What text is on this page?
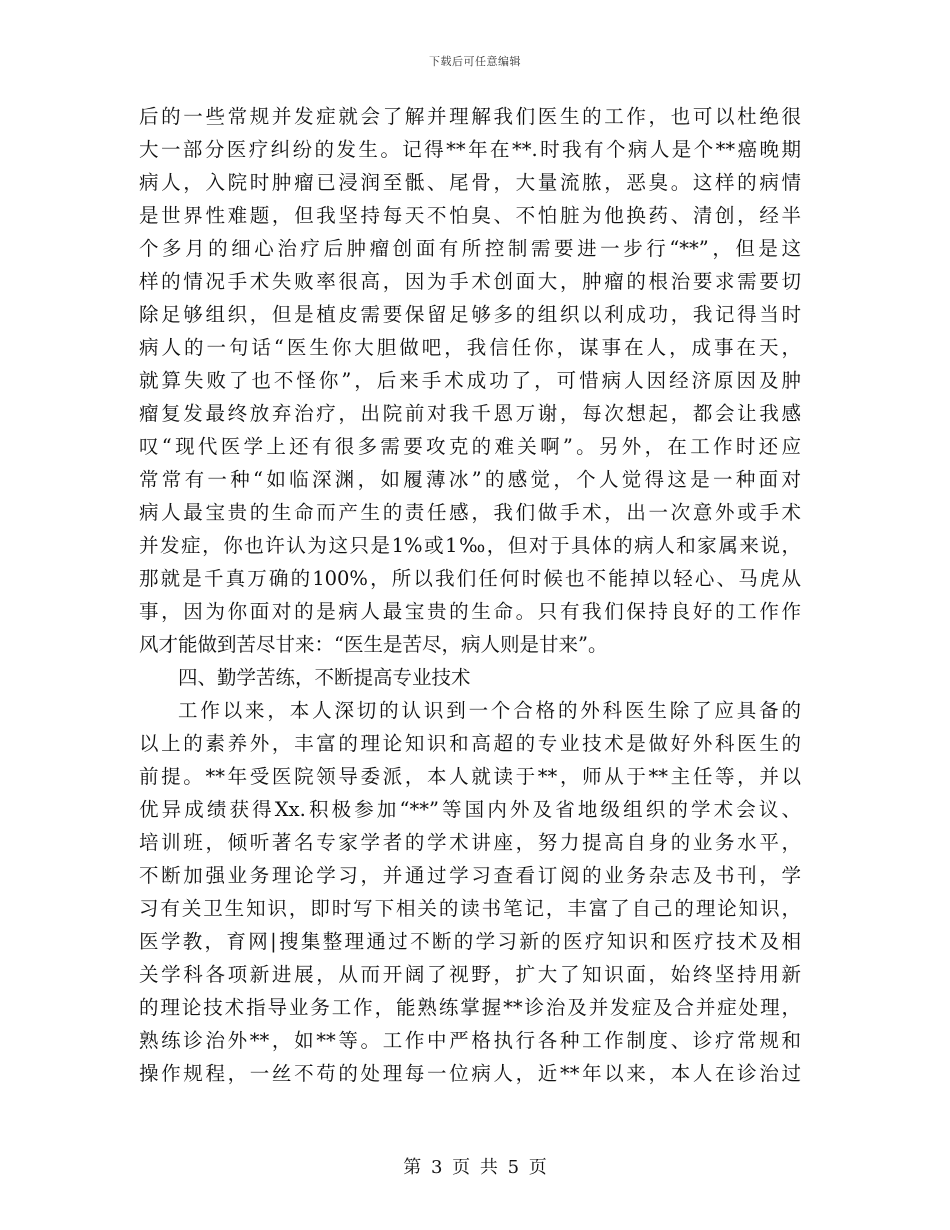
下载后可任意编辑
后的一些常规并发症就会了解并理解我们医生的工作，也可以杜绝很
大一部分医疗纠纷的发生。记得**年在**.时我有个病人是个**癌晚期
病人，入院时肿瘤已浸润至骶、尾骨，大量流脓，恶臭。这样的病情
是世界性难题，但我坚持每天不怕臭、不怕脏为他换药、清创，经半
个多月的细心治疗后肿瘤创面有所控制需要进一步行“**”，但是这
样的情况手术失败率很高，因为手术创面大，肿瘤的根治要求需要切
除足够组织，但是植皮需要保留足够多的组织以利成功，我记得当时
病人的一句话“医生你大胆做吧，我信任你，谋事在人，成事在天，
就算失败了也不怪你”，后来手术成功了，可惜病人因经济原因及肿
瘤复发最终放弃治疗，出院前对我千恩万谢，每次想起，都会让我感
叹“现代医学上还有很多需要攻克的难关啊”。另外，在工作时还应
常常有一种“如临深渊，如履薄冰”的感觉，个人觉得这是一种面对
病人最宝贵的生命而产生的责任感，我们做手术，出一次意外或手术
并发症，你也许认为这只是1%或1‰，但对于具体的病人和家属来说，
那就是千真万确的100%，所以我们任何时候也不能掉以轻心、马虎从
事，因为你面对的是病人最宝贵的生命。只有我们保持良好的工作作
风才能做到苦尽甘来：“医生是苦尽，病人则是甘来”。
四、勤学苦练，不断提高专业技术
工作以来，本人深切的认识到一个合格的外科医生除了应具备的
以上的素养外，丰富的理论知识和高超的专业技术是做好外科医生的
前提。**年受医院领导委派，本人就读于**，师从于**主任等，并以
优异成绩获得Xx.积极参加“**”等国内外及省地级组织的学术会议、
培训班，倾听著名专家学者的学术讲座，努力提高自身的业务水平，
不断加强业务理论学习，并通过学习查看订阅的业务杂志及书刊，学
习有关卫生知识，即时写下相关的读书笔记，丰富了自己的理论知识，
医学教，育网|搜集整理通过不断的学习新的医疗知识和医疗技术及相
关学科各项新进展，从而开阔了视野，扩大了知识面，始终坚持用新
的理论技术指导业务工作，能熟练掌握**诊治及并发症及合并症处理，
熟练诊治外**，如**等。工作中严格执行各种工作制度、诊疗常规和
操作规程，一丝不苟的处理每一位病人，近**年以来，本人在诊治过
第 3 页 共 5 页
